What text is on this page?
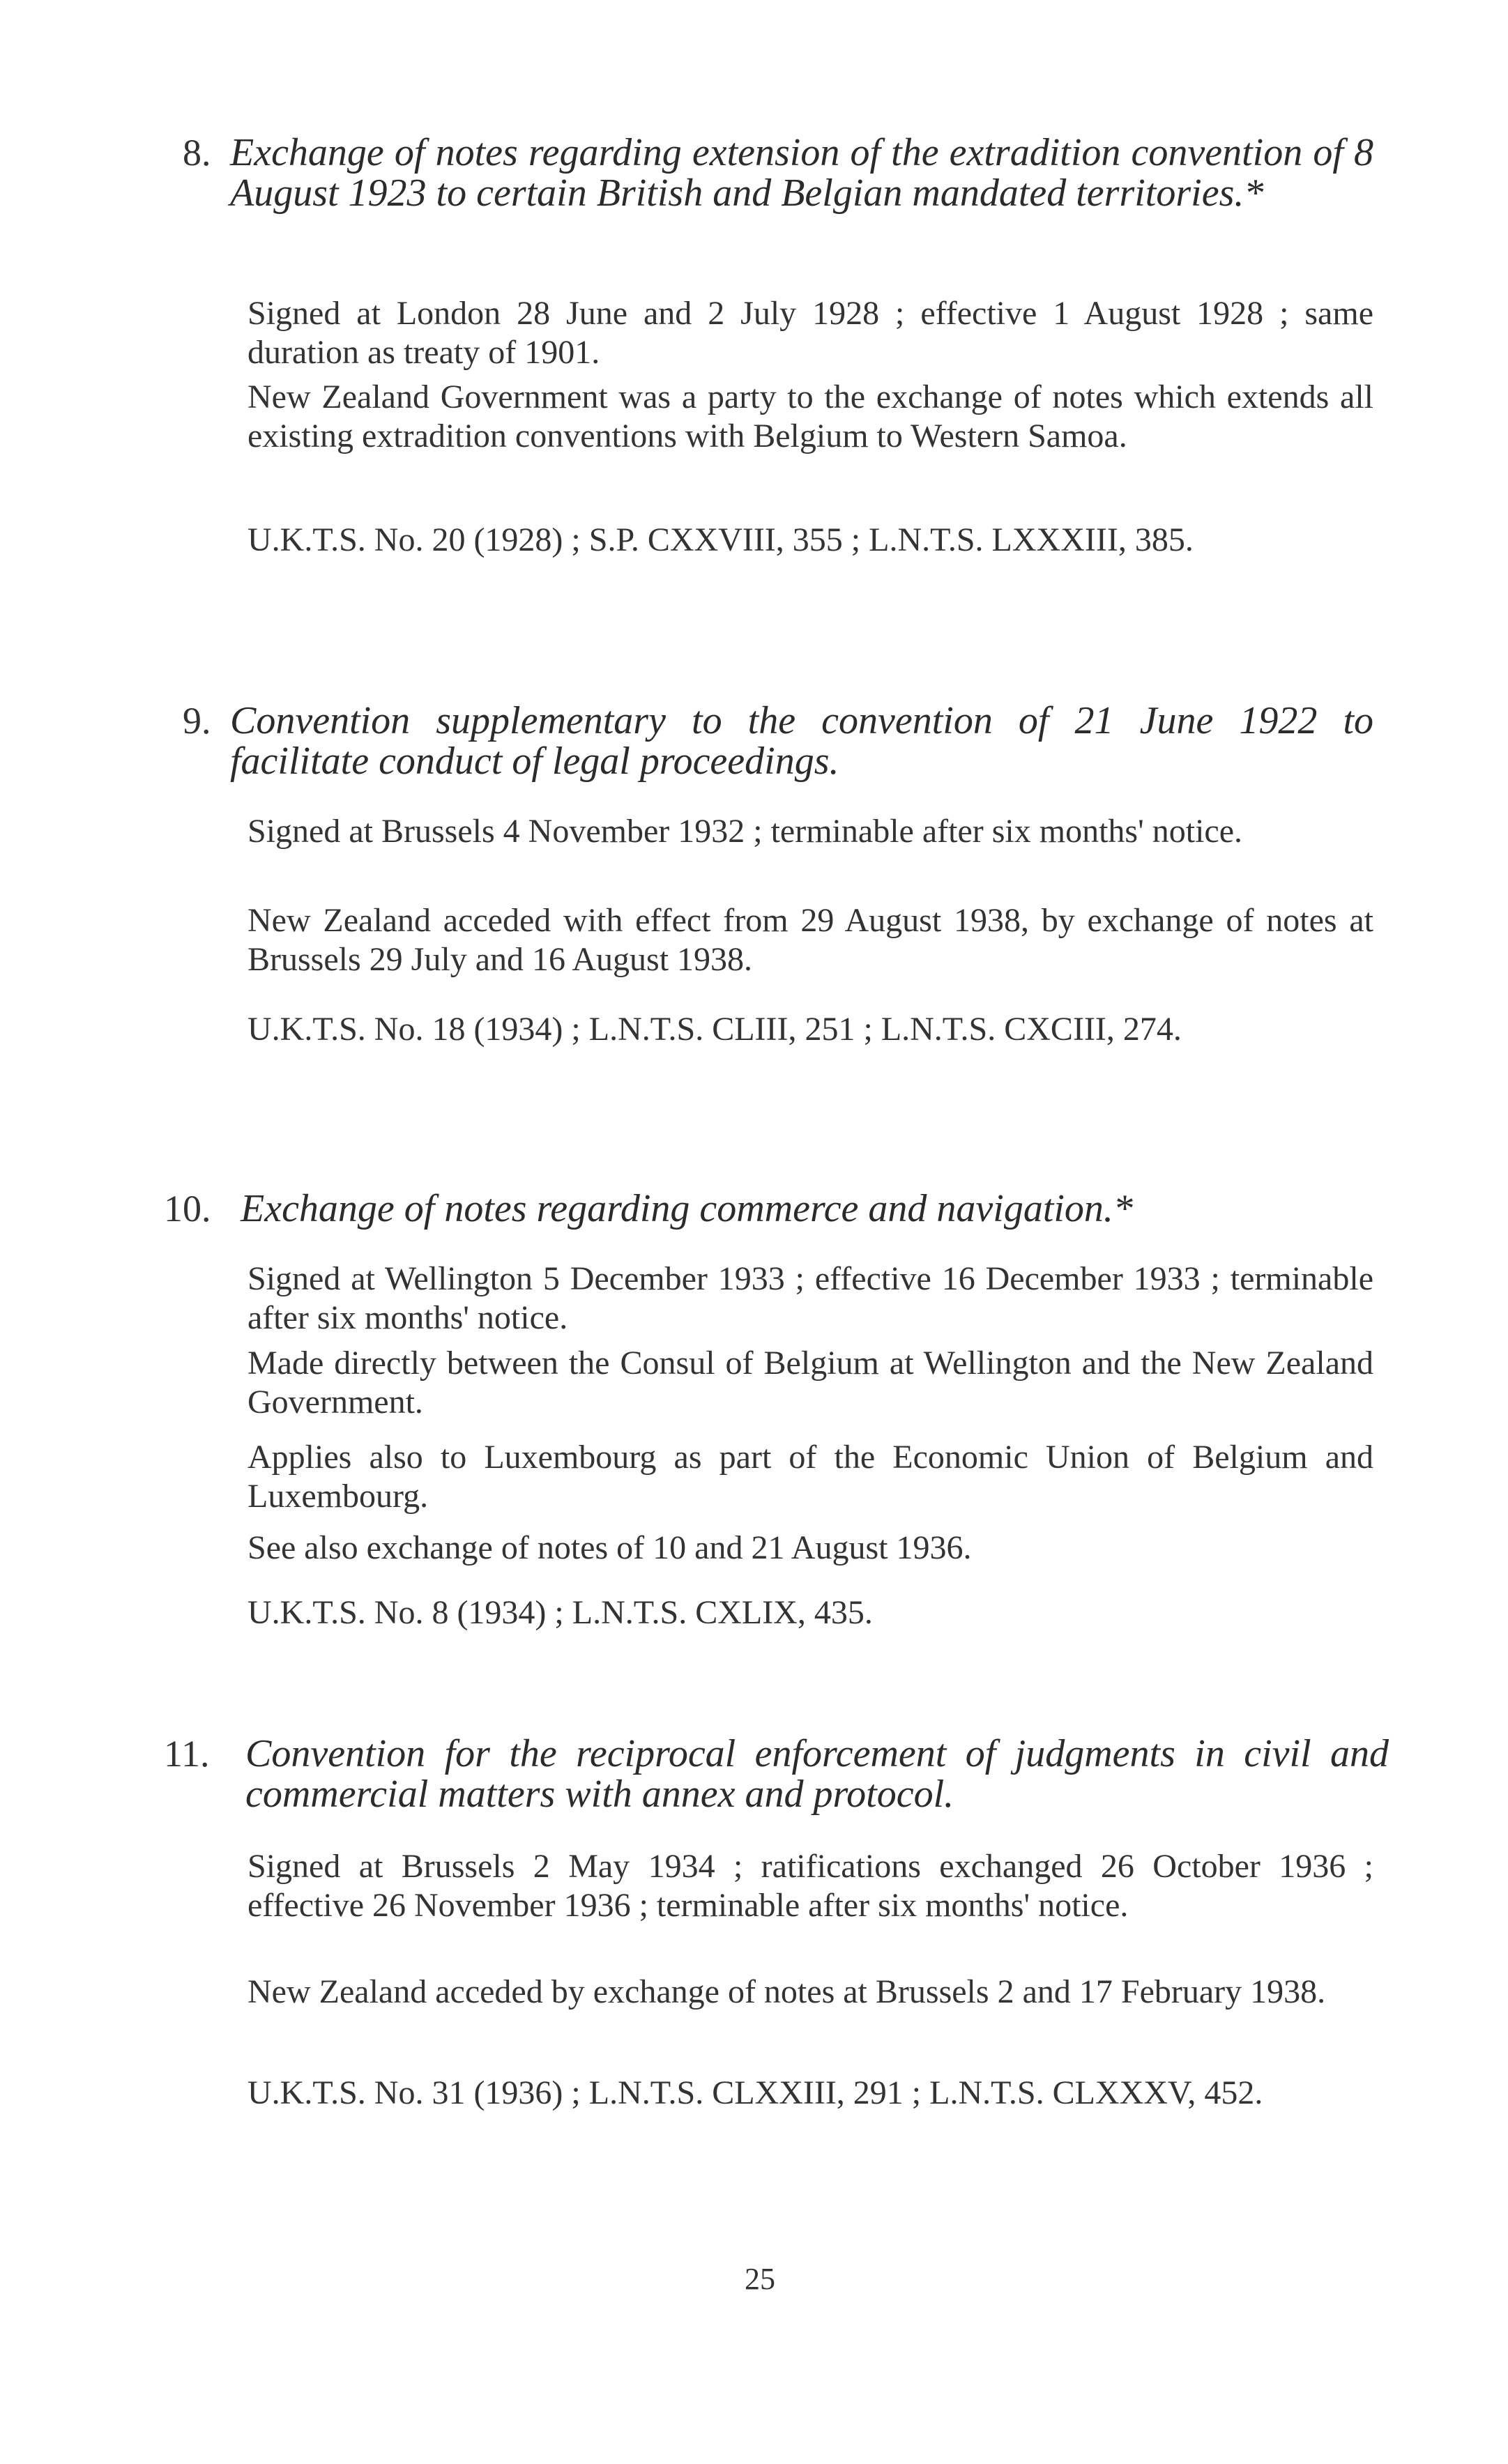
8. Exchange of notes regarding extension of the extradition convention of 8 August 1923 to certain British and Belgian mandated territories.*
Signed at London 28 June and 2 July 1928 ; effective 1 August 1928 ; same duration as treaty of 1901.
New Zealand Government was a party to the exchange of notes which extends all existing extradition conventions with Belgium to Western Samoa.
U.K.T.S. No. 20 (1928) ; S.P. CXXVIII, 355 ; L.N.T.S. LXXXIII, 385.
9. Convention supplementary to the convention of 21 June 1922 to facilitate conduct of legal proceedings.
Signed at Brussels 4 November 1932 ; terminable after six months' notice.
New Zealand acceded with effect from 29 August 1938, by exchange of notes at Brussels 29 July and 16 August 1938.
U.K.T.S. No. 18 (1934) ; L.N.T.S. CLIII, 251 ; L.N.T.S. CXCIII, 274.
10. Exchange of notes regarding commerce and navigation.*
Signed at Wellington 5 December 1933 ; effective 16 December 1933 ; terminable after six months' notice.
Made directly between the Consul of Belgium at Wellington and the New Zealand Government.
Applies also to Luxembourg as part of the Economic Union of Belgium and Luxembourg.
See also exchange of notes of 10 and 21 August 1936.
U.K.T.S. No. 8 (1934) ; L.N.T.S. CXLIX, 435.
11. Convention for the reciprocal enforcement of judgments in civil and commercial matters with annex and protocol.
Signed at Brussels 2 May 1934 ; ratifications exchanged 26 October 1936 ; effective 26 November 1936 ; terminable after six months' notice.
New Zealand acceded by exchange of notes at Brussels 2 and 17 February 1938.
U.K.T.S. No. 31 (1936) ; L.N.T.S. CLXXIII, 291 ; L.N.T.S. CLXXXV, 452.
25
